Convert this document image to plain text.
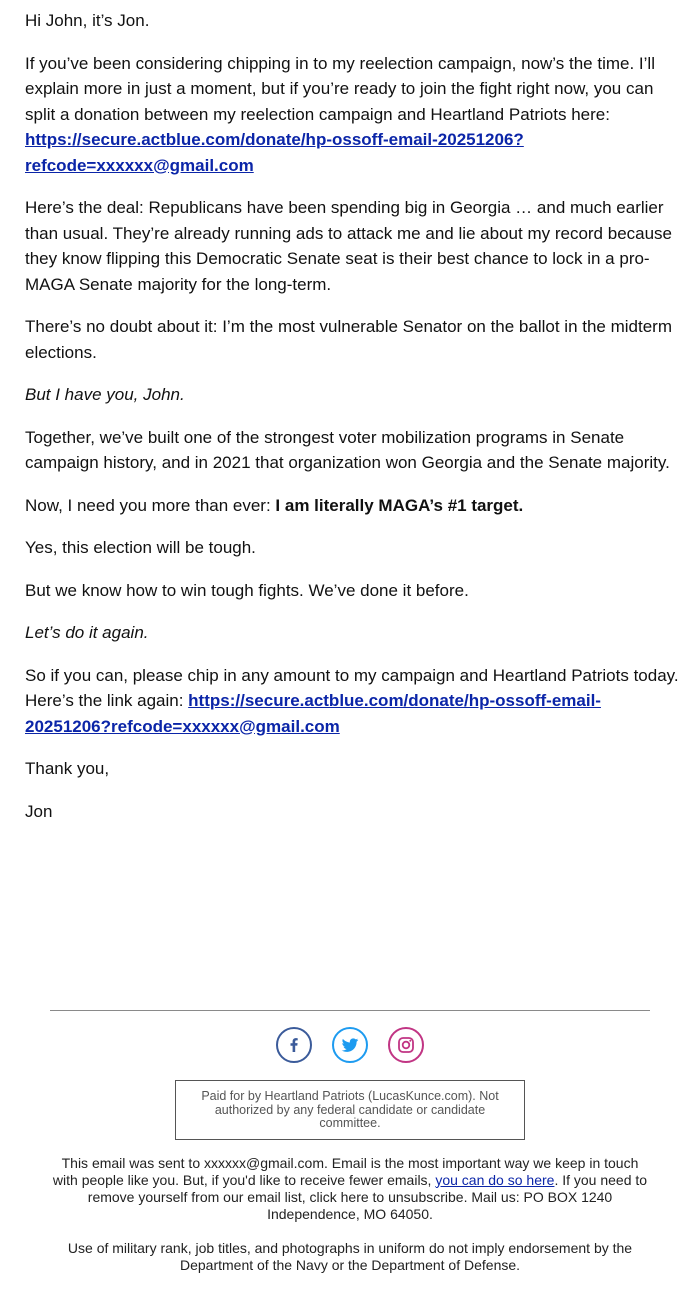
Hi John, it’s Jon.

If you’ve been considering chipping in to my reelection campaign, now’s the time. I’ll explain more in just a moment, but if you’re ready to join the fight right now, you can split a donation between my reelection campaign and Heartland Patriots here: https://secure.actblue.com/donate/hp-ossoff-email-20251206?refcode=xxxxxx@gmail.com

Here’s the deal: Republicans have been spending big in Georgia … and much earlier than usual. They’re already running ads to attack me and lie about my record because they know flipping this Democratic Senate seat is their best chance to lock in a pro-MAGA Senate majority for the long-term.

There’s no doubt about it: I’m the most vulnerable Senator on the ballot in the midterm elections.

But I have you, John.

Together, we’ve built one of the strongest voter mobilization programs in Senate campaign history, and in 2021 that organization won Georgia and the Senate majority.

Now, I need you more than ever: I am literally MAGA’s #1 target.

Yes, this election will be tough.

But we know how to win tough fights. We’ve done it before.

Let’s do it again.

So if you can, please chip in any amount to my campaign and Heartland Patriots today. Here’s the link again: https://secure.actblue.com/donate/hp-ossoff-email-20251206?refcode=xxxxxx@gmail.com

Thank you,

Jon

Paid for by Heartland Patriots (LucasKunce.com). Not authorized by any federal candidate or candidate committee.

This email was sent to xxxxxx@gmail.com. Email is the most important way we keep in touch with people like you. But, if you'd like to receive fewer emails, you can do so here. If you need to remove yourself from our email list, click here to unsubscribe. Mail us: PO BOX 1240 Independence, MO 64050.

Use of military rank, job titles, and photographs in uniform do not imply endorsement by the Department of the Navy or the Department of Defense.
